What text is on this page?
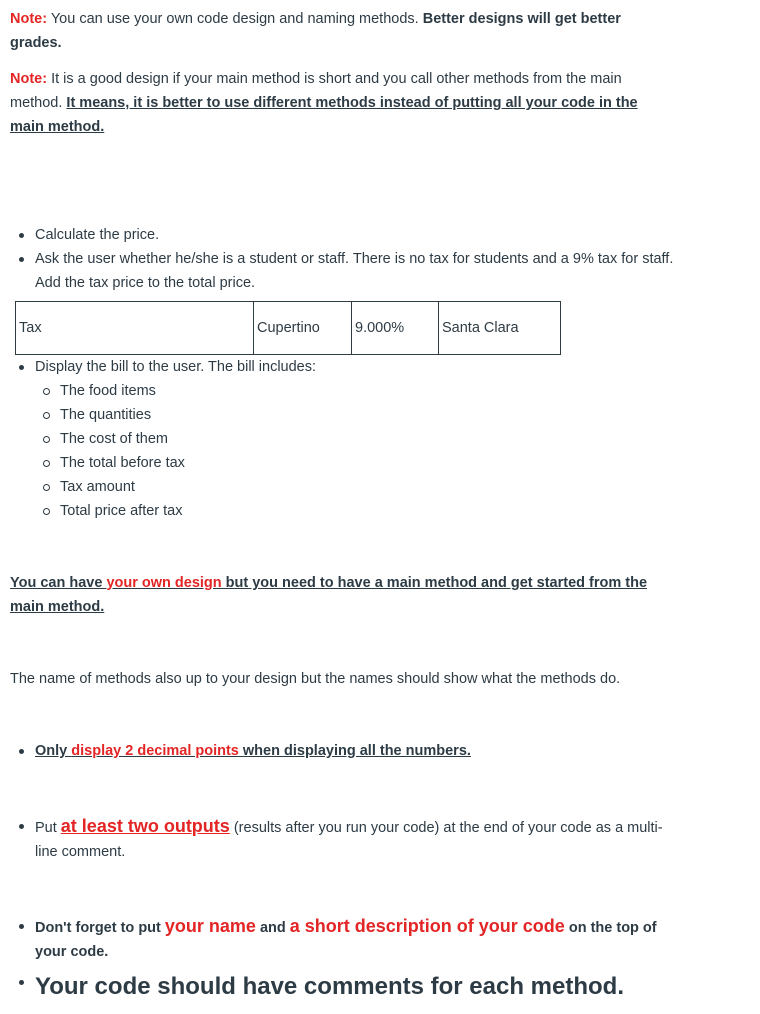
Note: You can use your own code design and naming methods. Better designs will get better grades.

Note: It is a good design if your main method is short and you call other methods from the main method. It means, it is better to use different methods instead of putting all your code in the main method.

Calculate the price.
Ask the user whether he/she is a student or staff. There is no tax for students and a 9% tax for staff. Add the tax price to the total price.
Tax	Cupertino	9.000%	Santa Clara
Display the bill to the user. The bill includes:
The food items
The quantities
The cost of them
The total before tax
Tax amount
Total price after tax

You can have your own design but you need to have a main method and get started from the main method.

The name of methods also up to your design but the names should show what the methods do.

Only display 2 decimal points when displaying all the numbers.
Put at least two outputs (results after you run your code) at the end of your code as a multi-line comment.
Don't forget to put your name and a short description of your code on the top of your code.
Your code should have comments for each method.
